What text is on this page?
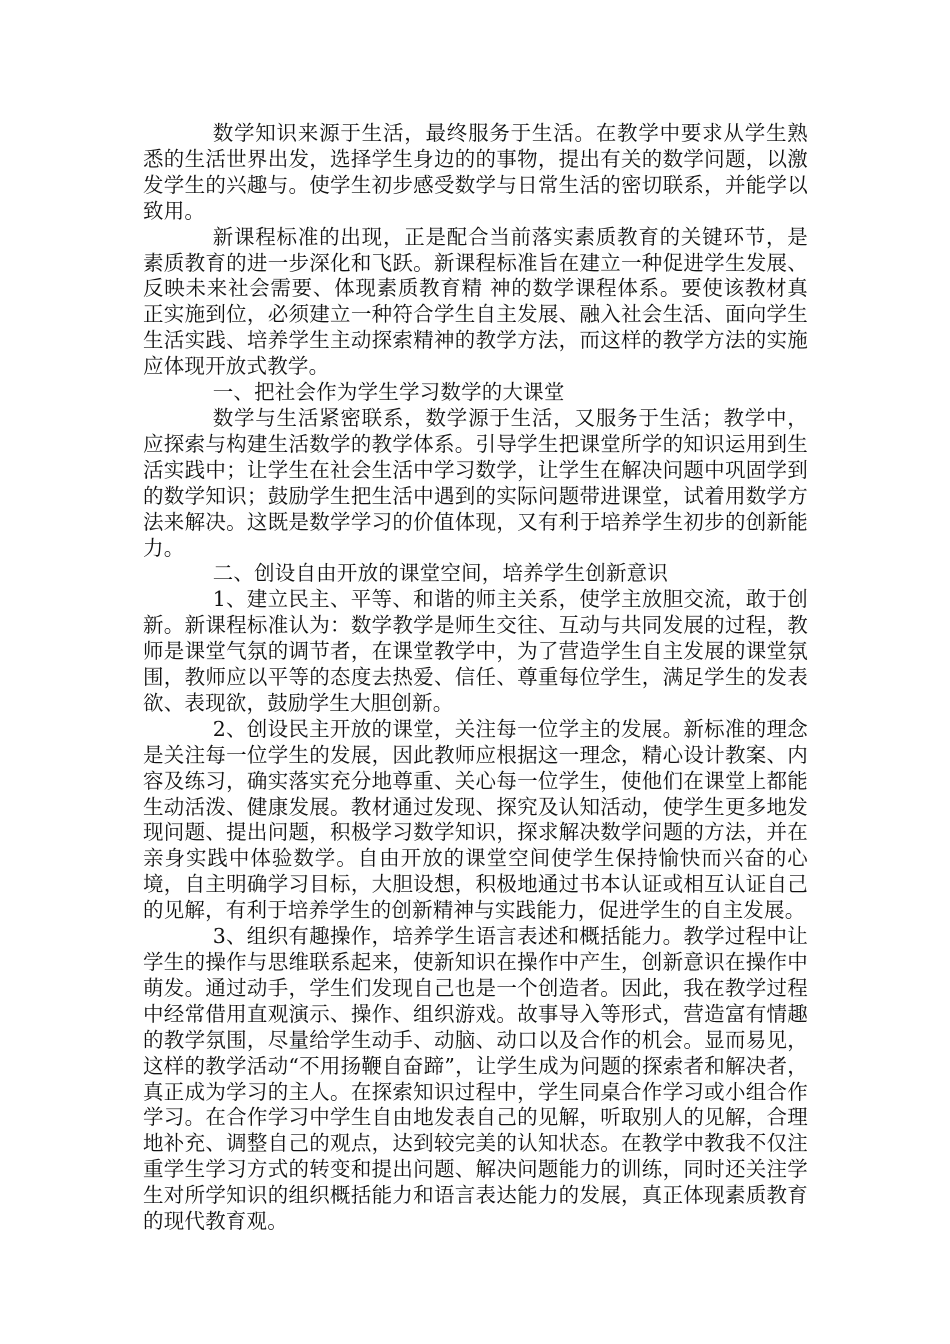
数学知识来源于生活，最终服务于生活。在教学中要求从学生熟悉的生活世界出发，选择学生身边的的事物，提出有关的数学问题，以激发学生的兴趣与。使学生初步感受数学与日常生活的密切联系，并能学以致用。

新课程标准的出现，正是配合当前落实素质教育的关键环节，是素质教育的进一步深化和飞跃。新课程标准旨在建立一种促进学生发展、反映未来社会需要、体现素质教育精 神的数学课程体系。要使该教材真正实施到位，必须建立一种符合学生自主发展、融入社会生活、面向学生生活实践、培养学生主动探索精神的教学方法，而这样的教学方法的实施应体现开放式教学。

一、把社会作为学生学习数学的大课堂

数学与生活紧密联系，数学源于生活，又服务于生活；教学中，应探索与构建生活数学的教学体系。引导学生把课堂所学的知识运用到生活实践中；让学生在社会生活中学习数学，让学生在解决问题中巩固学到的数学知识；鼓励学生把生活中遇到的实际问题带进课堂，试着用数学方法来解决。这既是数学学习的价值体现，又有利于培养学生初步的创新能力。

二、创设自由开放的课堂空间，培养学生创新意识

1、建立民主、平等、和谐的师主关系，使学主放胆交流，敢于创新。新课程标准认为：数学教学是师生交往、互动与共同发展的过程，教师是课堂气氛的调节者，在课堂教学中，为了营造学生自主发展的课堂氛围，教师应以平等的态度去热爱、信任、尊重每位学生，满足学生的发表欲、表现欲，鼓励学生大胆创新。

2、创设民主开放的课堂，关注每一位学主的发展。新标准的理念是关注每一位学生的发展，因此教师应根据这一理念，精心设计教案、内容及练习，确实落实充分地尊重、关心每一位学生，使他们在课堂上都能生动活泼、健康发展。教材通过发现、探究及认知活动，使学生更多地发现问题、提出问题，积极学习数学知识，探求解决数学问题的方法，并在亲身实践中体验数学。自由开放的课堂空间使学生保持愉快而兴奋的心境，自主明确学习目标，大胆设想，积极地通过书本认证或相互认证自己的见解，有利于培养学生的创新精神与实践能力，促进学生的自主发展。

3、组织有趣操作，培养学生语言表述和概括能力。教学过程中让学生的操作与思维联系起来，使新知识在操作中产生，创新意识在操作中萌发。通过动手，学生们发现自己也是一个创造者。因此，我在教学过程中经常借用直观演示、操作、组织游戏。故事导入等形式，营造富有情趣的教学氛围，尽量给学生动手、动脑、动口以及合作的机会。显而易见，这样的教学活动“不用扬鞭自奋蹄”，让学生成为问题的探索者和解决者，真正成为学习的主人。在探索知识过程中，学生同桌合作学习或小组合作学习。在合作学习中学生自由地发表自己的见解，听取别人的见解，合理地补充、调整自己的观点，达到较完美的认知状态。在教学中教我不仅注重学生学习方式的转变和提出问题、解决问题能力的训练，同时还关注学生对所学知识的组织概括能力和语言表达能力的发展，真正体现素质教育的现代教育观。
